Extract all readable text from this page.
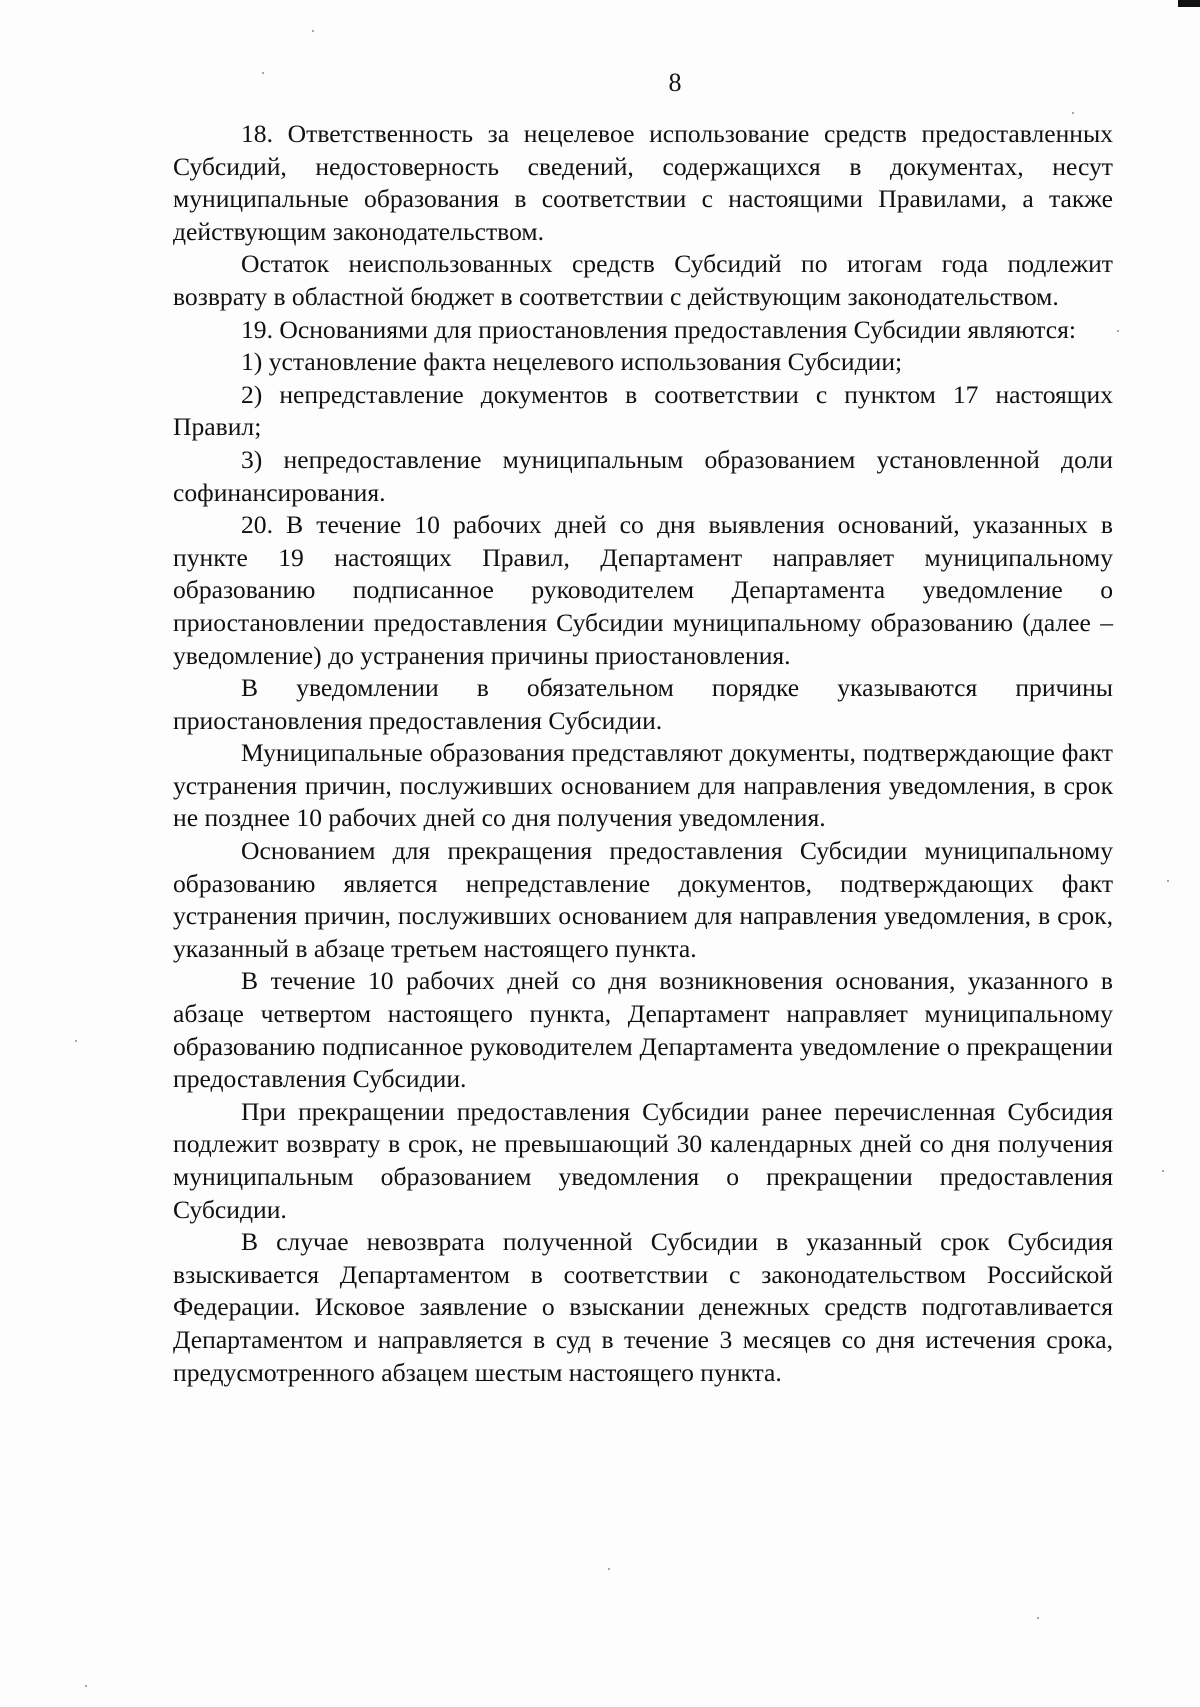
8

18. Ответственность за нецелевое использование средств предоставленных Субсидий, недостоверность сведений, содержащихся в документах, несут муниципальные образования в соответствии с настоящими Правилами, а также действующим законодательством.

Остаток неиспользованных средств Субсидий по итогам года подлежит возврату в областной бюджет в соответствии с действующим законодательством.

19. Основаниями для приостановления предоставления Субсидии являются:

1) установление факта нецелевого использования Субсидии;

2) непредставление документов в соответствии с пунктом 17 настоящих Правил;

3) непредоставление муниципальным образованием установленной доли софинансирования.

20. В течение 10 рабочих дней со дня выявления оснований, указанных в пункте 19 настоящих Правил, Департамент направляет муниципальному образованию подписанное руководителем Департамента уведомление о приостановлении предоставления Субсидии муниципальному образованию (далее – уведомление) до устранения причины приостановления.

В уведомлении в обязательном порядке указываются причины приостановления предоставления Субсидии.

Муниципальные образования представляют документы, подтверждающие факт устранения причин, послуживших основанием для направления уведомления, в срок не позднее 10 рабочих дней со дня получения уведомления.

Основанием для прекращения предоставления Субсидии муниципальному образованию является непредставление документов, подтверждающих факт устранения причин, послуживших основанием для направления уведомления, в срок, указанный в абзаце третьем настоящего пункта.

В течение 10 рабочих дней со дня возникновения основания, указанного в абзаце четвертом настоящего пункта, Департамент направляет муниципальному образованию подписанное руководителем Департамента уведомление о прекращении предоставления Субсидии.

При прекращении предоставления Субсидии ранее перечисленная Субсидия подлежит возврату в срок, не превышающий 30 календарных дней со дня получения муниципальным образованием уведомления о прекращении предоставления Субсидии.

В случае невозврата полученной Субсидии в указанный срок Субсидия взыскивается Департаментом в соответствии с законодательством Российской Федерации. Исковое заявление о взыскании денежных средств подготавливается Департаментом и направляется в суд в течение 3 месяцев со дня истечения срока, предусмотренного абзацем шестым настоящего пункта.
